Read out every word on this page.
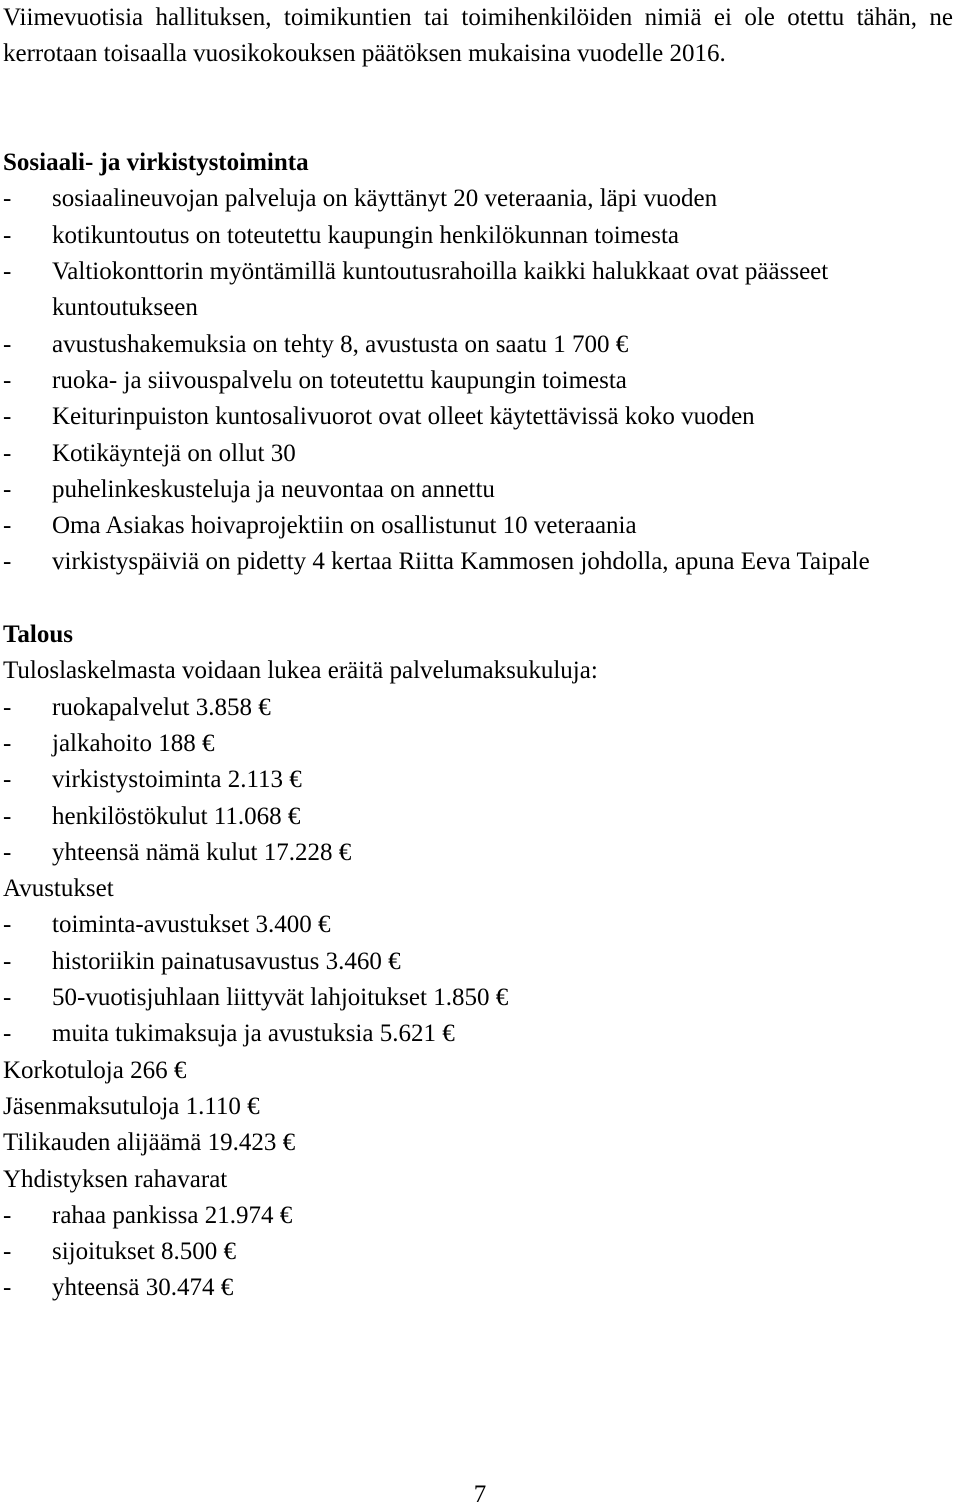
Viimevuotisia hallituksen, toimikuntien tai toimihenkilöiden nimiä ei ole otettu tähän, ne kerrotaan toisaalla vuosikokouksen päätöksen mukaisina vuodelle 2016.
Sosiaali- ja virkistystoiminta
-	sosiaalineuvojan palveluja on käyttänyt 20 veteraania, läpi vuoden
-	kotikuntoutus on toteutettu kaupungin henkilökunnan toimesta
-	Valtiokonttorin myöntämillä kuntoutusrahoilla kaikki halukkaat ovat päässeet kuntoutukseen
-	avustushakemuksia on tehty 8, avustusta on saatu 1 700 €
-	ruoka- ja siivouspalvelu on toteutettu kaupungin toimesta
-	Keiturinpuiston kuntosalivuorot ovat olleet käytettävissä koko vuoden
-	Kotikäyntejä on ollut 30
-	puhelinkeskusteluja ja neuvontaa on annettu
-	Oma Asiakas hoivaprojektiin on osallistunut 10 veteraania
-	virkistyspäiviä on pidetty 4 kertaa Riitta Kammosen johdolla, apuna Eeva Taipale
Talous
Tuloslaskelmasta voidaan lukea eräitä palvelumaksukuluja:
-	ruokapalvelut 3.858 €
-	jalkahoito 188 €
-	virkistystoiminta 2.113 €
-	henkilöstökulut 11.068 €
-	yhteensä nämä kulut 17.228 €
Avustukset
-	toiminta-avustukset 3.400 €
-	historiikin painatusavustus 3.460 €
-	50-vuotisjuhlaan liittyvät lahjoitukset 1.850 €
-	muita tukimaksuja ja avustuksia 5.621 €
Korkotuloja 266 €
Jäsenmaksutuloja 1.110 €
Tilikauden alijäämä 19.423 €
Yhdistyksen rahavarat
-	rahaa pankissa 21.974 €
-	sijoitukset 8.500 €
-	yhteensä 30.474 €
7
